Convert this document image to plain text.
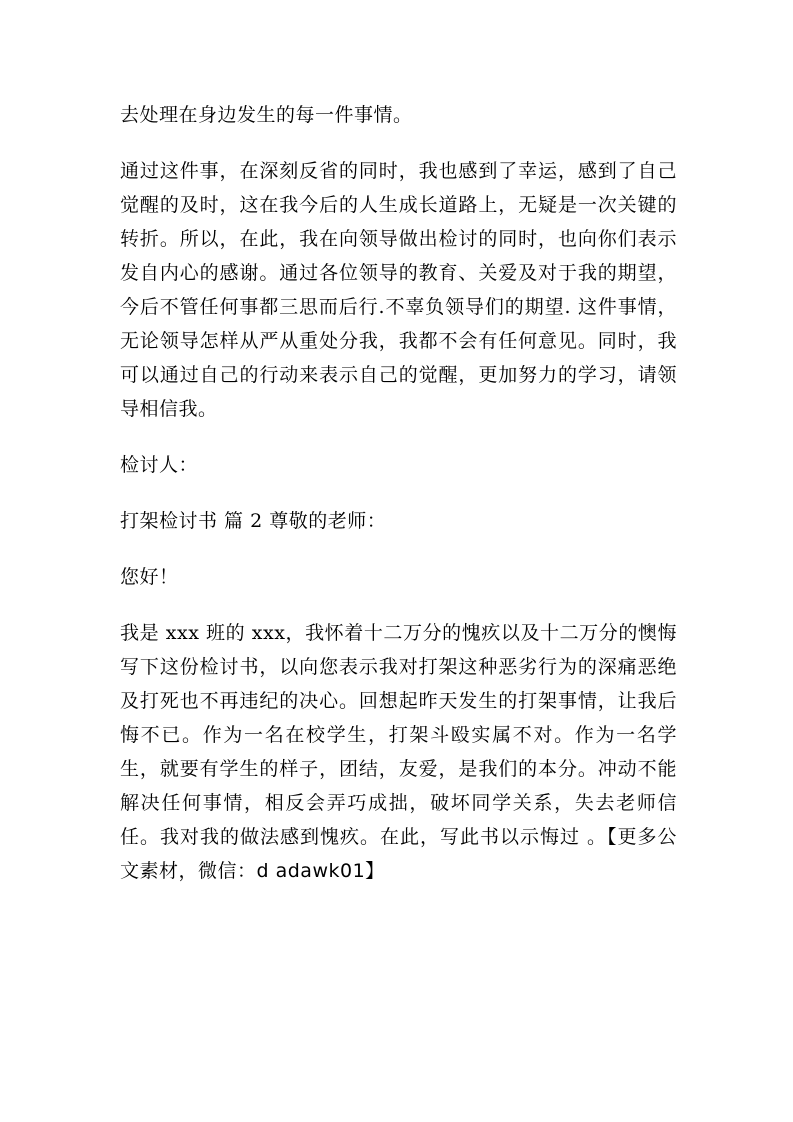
去处理在身边发生的每一件事情。

通过这件事，在深刻反省的同时，我也感到了幸运，感到了自己觉醒的及时，这在我今后的人生成长道路上，无疑是一次关键的转折。所以，在此，我在向领导做出检讨的同时，也向你们表示发自内心的感谢。通过各位领导的教育、关爱及对于我的期望，今后不管任何事都三思而后行.不辜负领导们的期望. 这件事情，无论领导怎样从严从重处分我，我都不会有任何意见。同时，我可以通过自己的行动来表示自己的觉醒，更加努力的学习，请领导相信我。

检讨人：

打架检讨书 篇 2 尊敬的老师：

您好！

我是 xxx 班的 xxx，我怀着十二万分的愧疚以及十二万分的懊悔写下这份检讨书，以向您表示我对打架这种恶劣行为的深痛恶绝及打死也不再违纪的决心。回想起昨天发生的打架事情，让我后悔不已。作为一名在校学生，打架斗殴实属不对。作为一名学生，就要有学生的样子，团结，友爱，是我们的本分。冲动不能解决任何事情，相反会弄巧成拙，破坏同学关系，失去老师信任。我对我的做法感到愧疚。在此，写此书以示悔过 。【更多公文素材，微信：d adawk01】
